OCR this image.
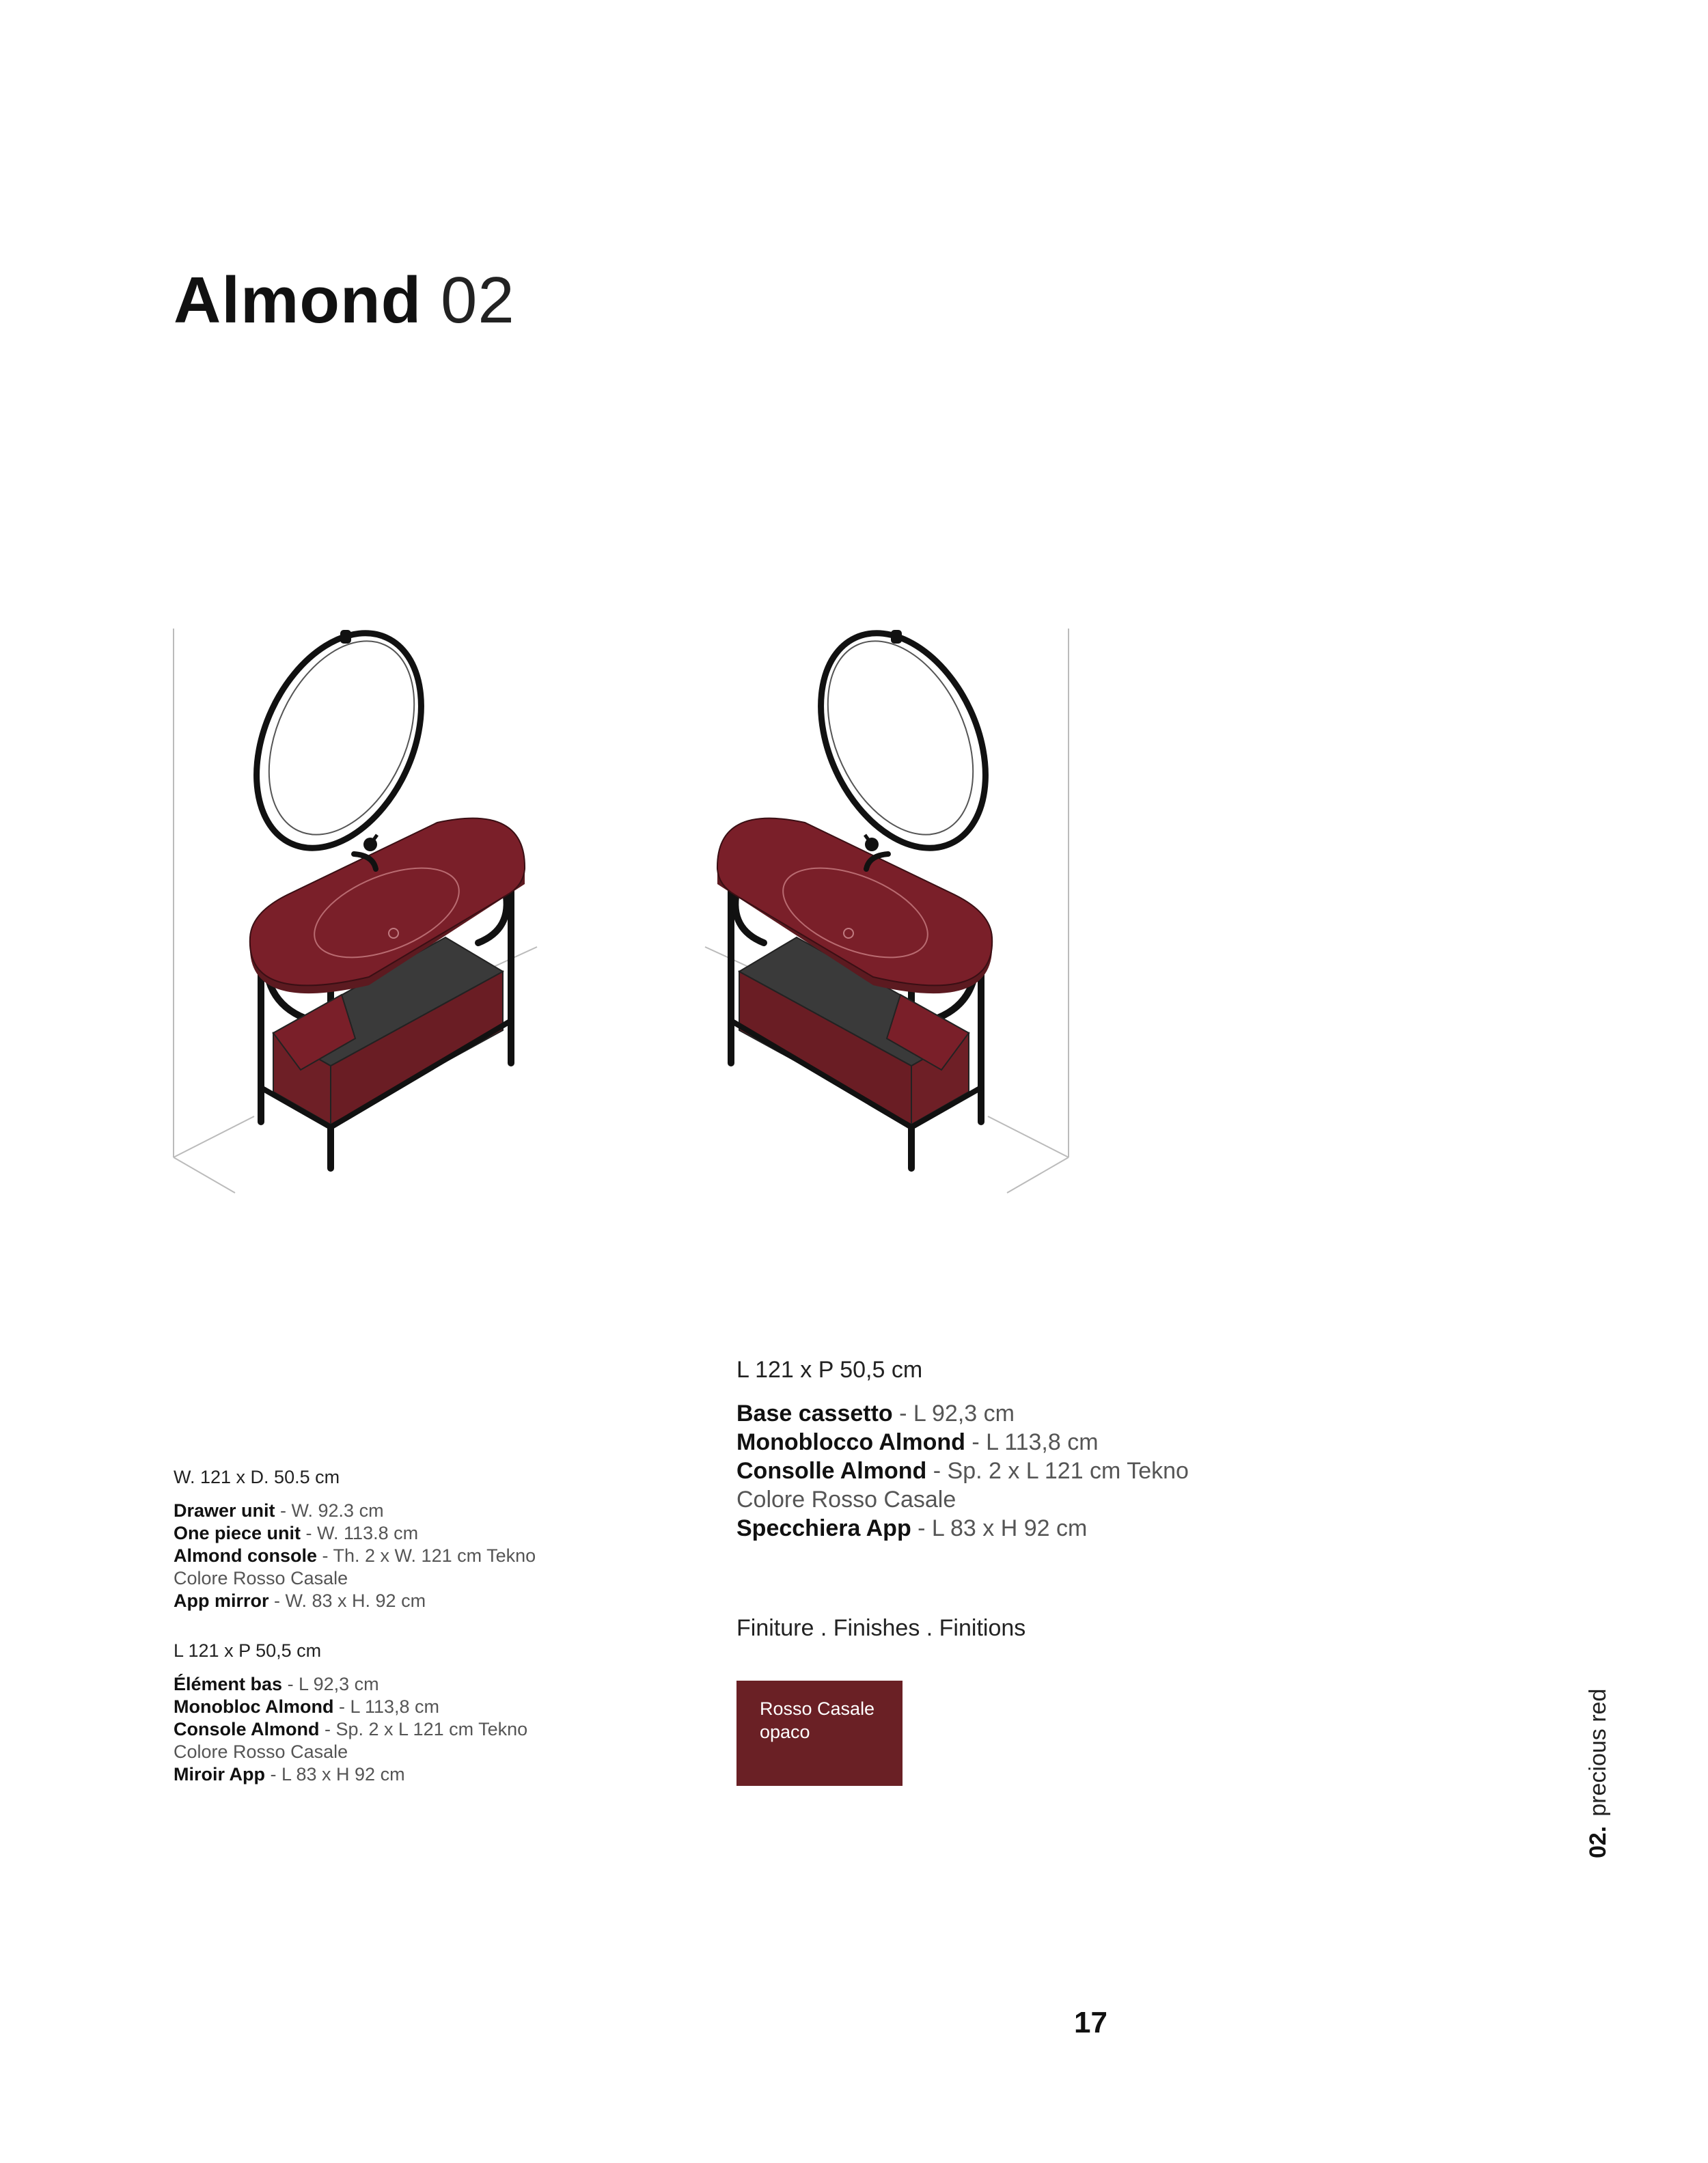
Almond 02
W. 121 x D. 50.5 cm
Drawer unit - W. 92.3 cm
One piece unit - W. 113.8 cm
Almond console - Th. 2 x W. 121 cm Tekno
Colore Rosso Casale
App mirror - W. 83 x H. 92 cm
L 121 x P 50,5 cm
Élément bas - L 92,3 cm
Monobloc Almond - L 113,8 cm
Console Almond - Sp. 2 x L 121 cm Tekno
Colore Rosso Casale
Miroir App - L 83 x H 92 cm
L 121 x P 50,5 cm
Base cassetto - L 92,3 cm
Monoblocco Almond - L 113,8 cm
Consolle Almond - Sp. 2 x L 121 cm Tekno
Colore Rosso Casale
Specchiera App - L 83 x H 92 cm
Finiture . Finishes . Finitions
Rosso Casale
opaco
02.precious red
17
